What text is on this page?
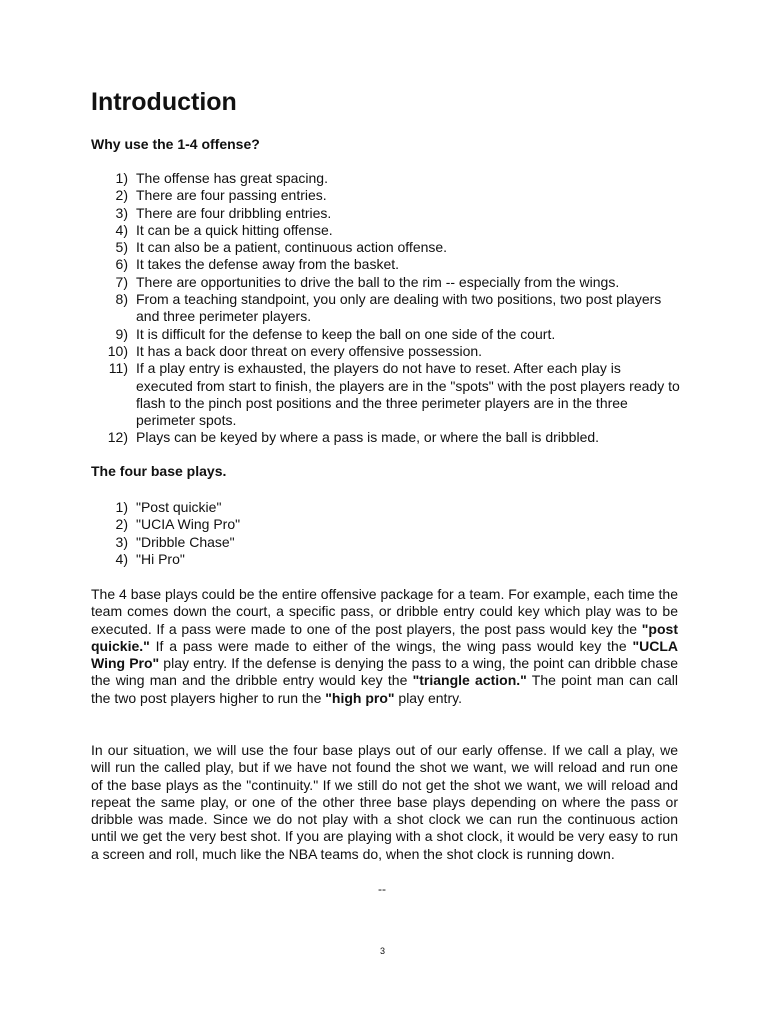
Introduction
Why use the 1-4 offense?
1) The offense has great spacing.
2) There are four passing entries.
3) There are four dribbling entries.
4) It can be a quick hitting offense.
5) It can also be a patient, continuous action offense.
6) It takes the defense away from the basket.
7) There are opportunities to drive the ball to the rim -- especially from the wings.
8) From a teaching standpoint, you only are dealing with two positions, two post players and three perimeter players.
9) It is difficult for the defense to keep the ball on one side of the court.
10) It has a back door threat on every offensive possession.
11) If a play entry is exhausted, the players do not have to reset. After each play is executed from start to finish, the players are in the "spots" with the post players ready to flash to the pinch post positions and the three perimeter players are in the three perimeter spots.
12) Plays can be keyed by where a pass is made, or where the ball is dribbled.
The four base plays.
1) "Post quickie"
2) "UCIA Wing Pro"
3) "Dribble Chase"
4) "Hi Pro"

The 4 base plays could be the entire offensive package for a team. For example, each time the team comes down the court, a specific pass, or dribble entry could key which play was to be executed. If a pass were made to one of the post players, the post pass would key the "post quickie." If a pass were made to either of the wings, the wing pass would key the "UCLA Wing Pro" play entry. If the defense is denying the pass to a wing, the point can dribble chase the wing man and the dribble entry would key the "triangle action." The point man can call the two post players higher to run the "high pro" play entry.

In our situation, we will use the four base plays out of our early offense. If we call a play, we will run the called play, but if we have not found the shot we want, we will reload and run one of the base plays as the "continuity." If we still do not get the shot we want, we will reload and repeat the same play, or one of the other three base plays depending on where the pass or dribble was made. Since we do not play with a shot clock we can run the continuous action until we get the very best shot. If you are playing with a shot clock, it would be very easy to run a screen and roll, much like the NBA teams do, when the shot clock is running down.

--

3
